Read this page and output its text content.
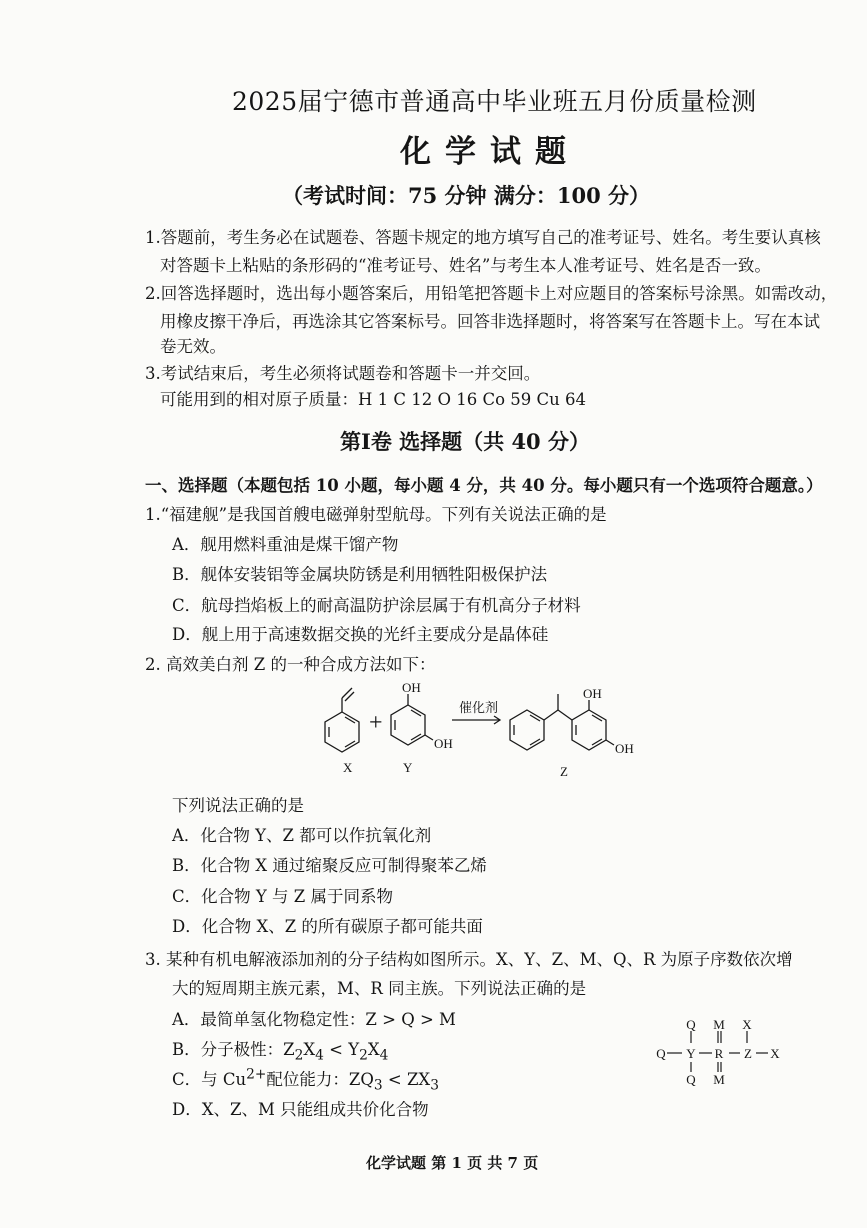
2025届宁德市普通高中毕业班五月份质量检测
化学试题
（考试时间：75 分钟 满分：100 分）
1.答题前，考生务必在试题卷、答题卡规定的地方填写自己的准考证号、姓名。考生要认真核
对答题卡上粘贴的条形码的“准考证号、姓名”与考生本人准考证号、姓名是否一致。
2.回答选择题时，选出每小题答案后，用铅笔把答题卡上对应题目的答案标号涂黑。如需改动，
用橡皮擦干净后，再选涂其它答案标号。回答非选择题时，将答案写在答题卡上。写在本试
卷无效。
3.考试结束后，考生必须将试题卷和答题卡一并交回。
可能用到的相对原子质量：H 1 C 12 O 16 Co 59 Cu 64
第Ⅰ卷 选择题（共 40 分）
一、选择题（本题包括 10 小题，每小题 4 分，共 40 分。每小题只有一个选项符合题意。）
1.“福建舰”是我国首艘电磁弹射型航母。下列有关说法正确的是
A．舰用燃料重油是煤干馏产物
B．舰体安装铝等金属块防锈是利用牺牲阳极保护法
C．航母挡焰板上的耐高温防护涂层属于有机高分子材料
D．舰上用于高速数据交换的光纤主要成分是晶体硅
2. 高效美白剂 Z 的一种合成方法如下：
OH
OH
OH
OH
+
催化剂
X	Y	Z
下列说法正确的是
A．化合物 Y、Z 都可以作抗氧化剂
B．化合物 X 通过缩聚反应可制得聚苯乙烯
C．化合物 Y 与 Z 属于同系物
D．化合物 X、Z 的所有碳原子都可能共面
3. 某种有机电解液添加剂的分子结构如图所示。X、Y、Z、M、Q、R 为原子序数依次增
大的短周期主族元素，M、R 同主族。下列说法正确的是
A．最简单氢化物稳定性：Z > Q > M
B．分子极性：$Z_2X_4 < Y_2X_4$
C．与 $Cu^{2+}$配位能力：$ZQ_3 < ZX_3$
D．X、Z、M 只能组成共价化合物
Q M X
Q Y R Z X
Q M
化学试题 第 1 页 共 7 页
